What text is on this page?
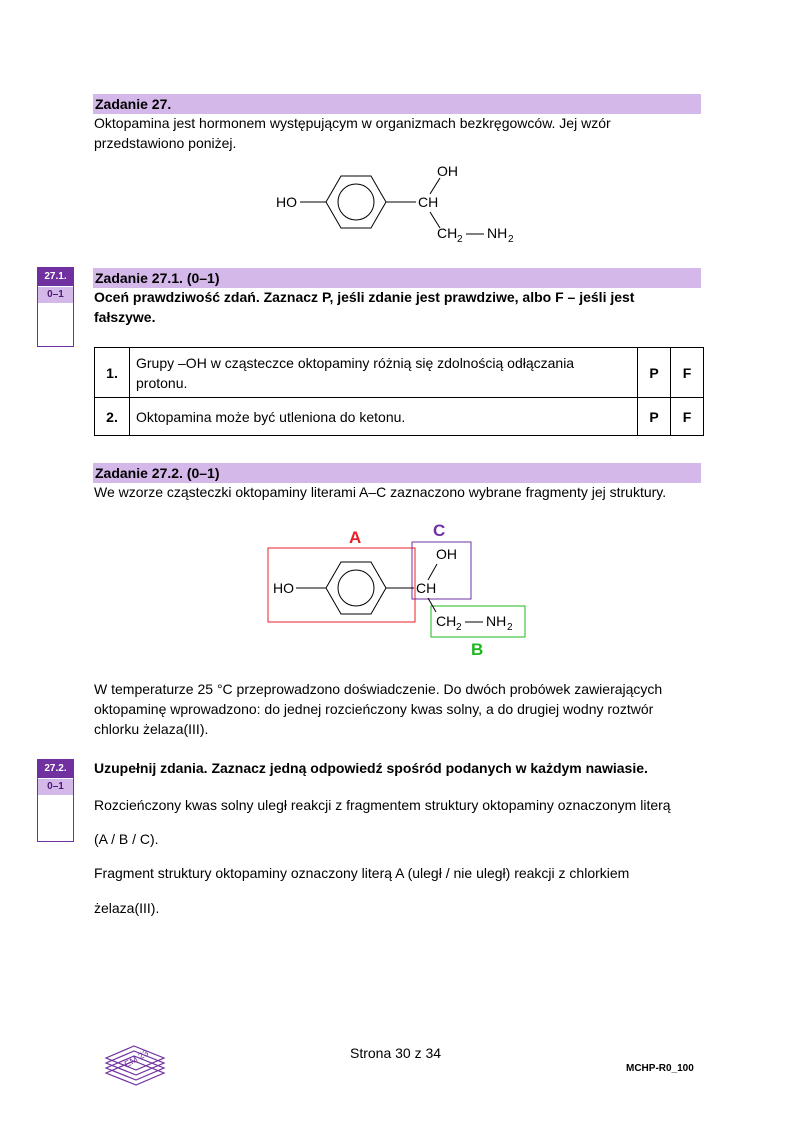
Zadanie 27.
Oktopamina jest hormonem występującym w organizmach bezkręgowców. Jej wzór
przedstawiono poniżej.
HO	CH
OH
CH 2 NH 2
27.1.
0–1
Zadanie 27.1. (0–1)
Oceń prawdziwość zdań. Zaznacz P, jeśli zdanie jest prawdziwe, albo F – jeśli jest
fałszywe.
1.	Grupy –OH w cząsteczce oktopaminy różnią się zdolnością odłączania
protonu.	P	F
2.	Oktopamina może być utleniona do ketonu.	P	F
Zadanie 27.2. (0–1)
We wzorze cząsteczki oktopaminy literami A–C zaznaczono wybrane fragmenty jej struktury.
A	C
B
HO	CH
OH
CH 2 NH 2
W temperaturze 25 °C przeprowadzono doświadczenie. Do dwóch probówek zawierających
oktopaminę wprowadzono: do jednej rozcieńczony kwas solny, a do drugiej wodny roztwór
chlorku żelaza(III).
27.2.
0–1
Uzupełnij zdania. Zaznacz jedną odpowiedź spośród podanych w każdym nawiasie.
Rozcieńczony kwas solny uległ reakcji z fragmentem struktury oktopaminy oznaczonym literą
(A / B / C).
Fragment struktury oktopaminy oznaczony literą A (uległ / nie uległ) reakcji z chlorkiem
żelaza(III).
EM 23	Strona 30 z 34
MCHP-R0_100
